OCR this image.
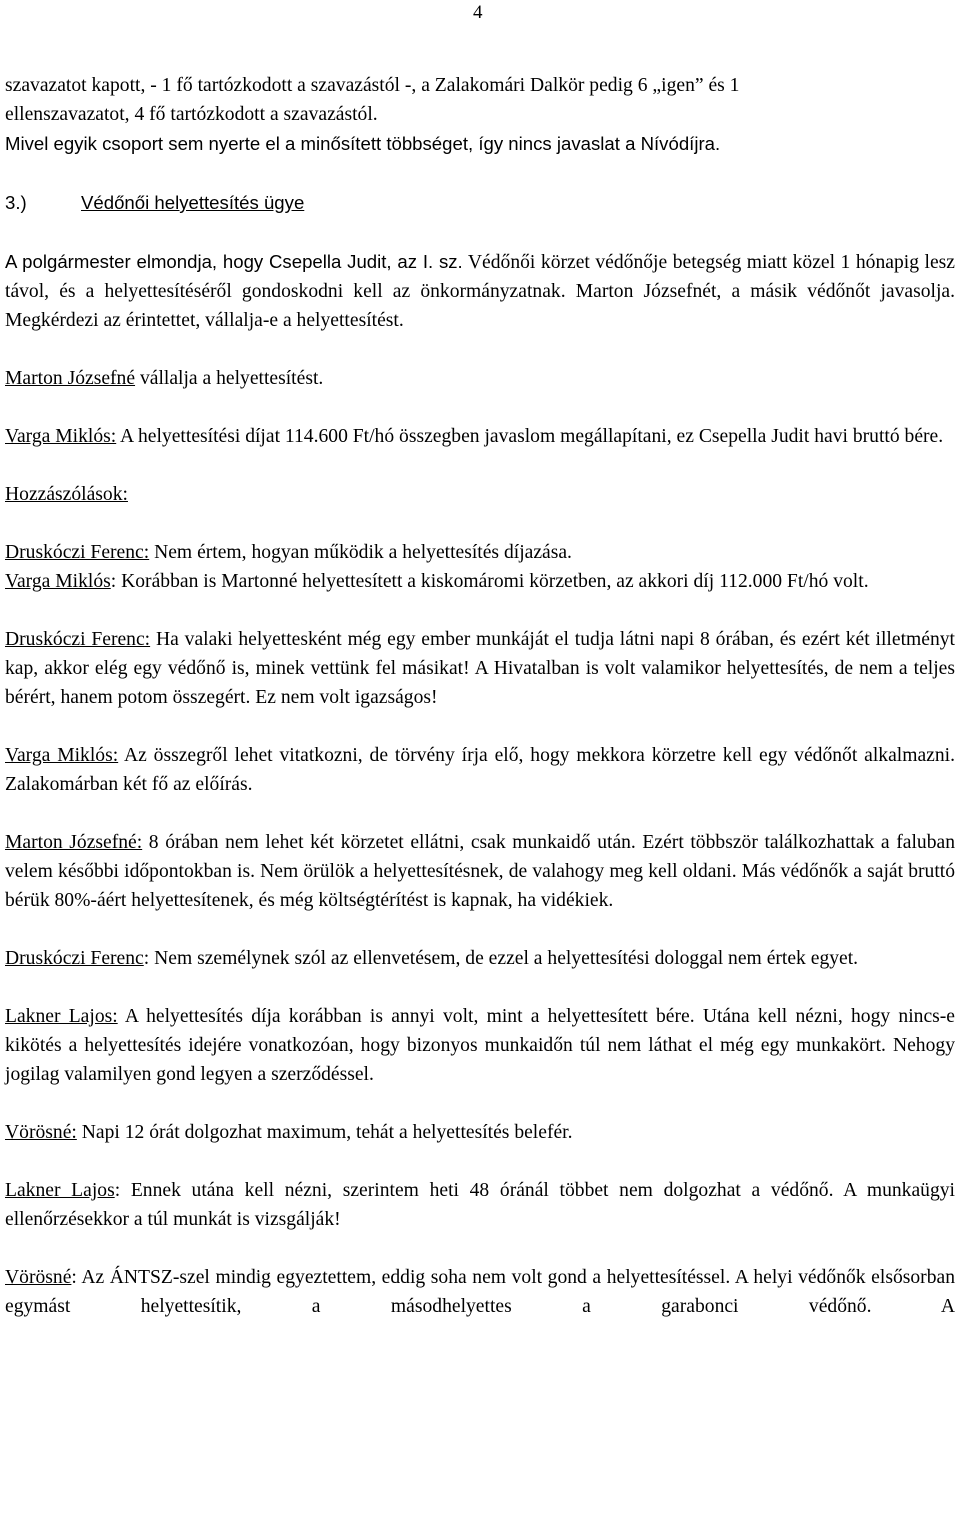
4

szavazatot kapott, - 1 fő tartózkodott a szavazástól -, a Zalakomári Dalkör pedig 6 „igen” és 1
ellenszavazatot, 4 fő tartózkodott a szavazástól.
Mivel egyik csoport sem nyerte el a minősített többséget, így nincs javaslat a Nívódíjra.

3.)	Védőnői helyettesítés ügye

A polgármester elmondja, hogy Csepella Judit, az I. sz. Védőnői körzet védőnője betegség miatt közel 1 hónapig lesz távol, és a helyettesítéséről gondoskodni kell az önkormányzatnak. Marton Józsefnét, a másik védőnőt javasolja. Megkérdezi az érintettet, vállalja-e a helyettesítést.

Marton Józsefné vállalja a helyettesítést.

Varga Miklós: A helyettesítési díjat 114.600 Ft/hó összegben javaslom megállapítani, ez Csepella Judit havi bruttó bére.

Hozzászólások:

Druskóczi Ferenc: Nem értem, hogyan működik a helyettesítés díjazása.

Varga Miklós: Korábban is Martonné helyettesített a kiskomáromi körzetben, az akkori díj 112.000 Ft/hó volt.

Druskóczi Ferenc: Ha valaki helyettesként még egy ember munkáját el tudja látni napi 8 órában, és ezért két illetményt kap, akkor elég egy védőnő is, minek vettünk fel másikat! A Hivatalban is volt valamikor helyettesítés, de nem a teljes bérért, hanem potom összegért. Ez nem volt igazságos!

Varga Miklós: Az összegről lehet vitatkozni, de törvény írja elő, hogy mekkora körzetre kell egy védőnőt alkalmazni. Zalakomárban két fő az előírás.

Marton Józsefné: 8 órában nem lehet két körzetet ellátni, csak munkaidő után. Ezért többször találkozhattak a faluban velem későbbi időpontokban is. Nem örülök a helyettesítésnek, de valahogy meg kell oldani. Más védőnők a saját bruttó bérük 80%-áért helyettesítenek, és még költségtérítést is kapnak, ha vidékiek.

Druskóczi Ferenc: Nem személynek szól az ellenvetésem, de ezzel a helyettesítési dologgal nem értek egyet.

Lakner Lajos: A helyettesítés díja korábban is annyi volt, mint a helyettesített bére. Utána kell nézni, hogy nincs-e kikötés a helyettesítés idejére vonatkozóan, hogy bizonyos munkaidőn túl nem láthat el még egy munkakört. Nehogy jogilag valamilyen gond legyen a szerződéssel.

Vörösné: Napi 12 órát dolgozhat maximum, tehát a helyettesítés belefér.

Lakner Lajos: Ennek utána kell nézni, szerintem heti 48 óránál többet nem dolgozhat a védőnő. A munkaügyi ellenőrzésekkor a túl munkát is vizsgálják!

Vörösné: Az ÁNTSZ-szel mindig egyeztettem, eddig soha nem volt gond a helyettesítéssel. A helyi védőnők elsősorban egymást helyettesítik, a másodhelyettes a garabonci védőnő. A
